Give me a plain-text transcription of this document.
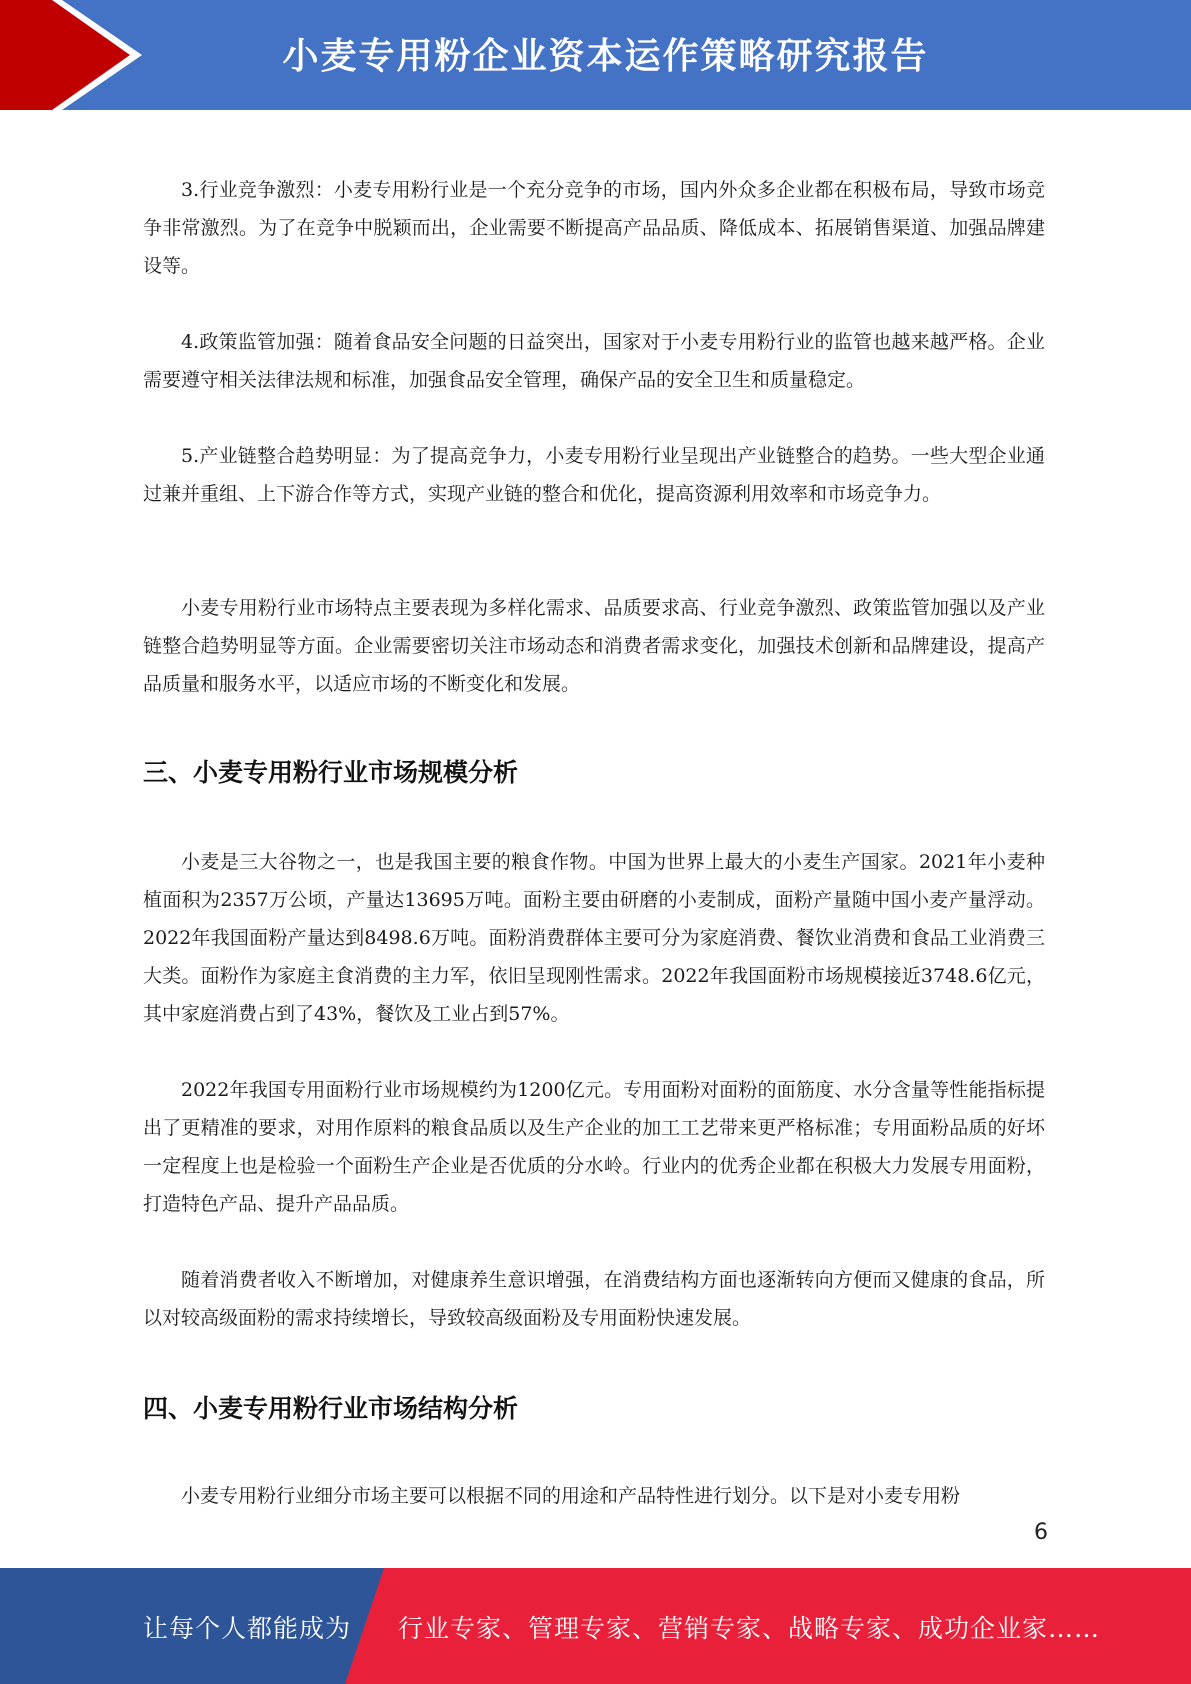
小麦专用粉企业资本运作策略研究报告

3.行业竞争激烈：小麦专用粉行业是一个充分竞争的市场，国内外众多企业都在积极布局，导致市场竞争非常激烈。为了在竞争中脱颖而出，企业需要不断提高产品品质、降低成本、拓展销售渠道、加强品牌建设等。

4.政策监管加强：随着食品安全问题的日益突出，国家对于小麦专用粉行业的监管也越来越严格。企业需要遵守相关法律法规和标准，加强食品安全管理，确保产品的安全卫生和质量稳定。

5.产业链整合趋势明显：为了提高竞争力，小麦专用粉行业呈现出产业链整合的趋势。一些大型企业通过兼并重组、上下游合作等方式，实现产业链的整合和优化，提高资源利用效率和市场竞争力。

小麦专用粉行业市场特点主要表现为多样化需求、品质要求高、行业竞争激烈、政策监管加强以及产业链整合趋势明显等方面。企业需要密切关注市场动态和消费者需求变化，加强技术创新和品牌建设，提高产品质量和服务水平，以适应市场的不断变化和发展。

三、小麦专用粉行业市场规模分析

小麦是三大谷物之一，也是我国主要的粮食作物。中国为世界上最大的小麦生产国家。2021年小麦种植面积为2357万公顷，产量达13695万吨。面粉主要由研磨的小麦制成，面粉产量随中国小麦产量浮动。2022年我国面粉产量达到8498.6万吨。面粉消费群体主要可分为家庭消费、餐饮业消费和食品工业消费三大类。面粉作为家庭主食消费的主力军，依旧呈现刚性需求。2022年我国面粉市场规模接近3748.6亿元，其中家庭消费占到了43%，餐饮及工业占到57%。

2022年我国专用面粉行业市场规模约为1200亿元。专用面粉对面粉的面筋度、水分含量等性能指标提出了更精准的要求，对用作原料的粮食品质以及生产企业的加工工艺带来更严格标准；专用面粉品质的好坏一定程度上也是检验一个面粉生产企业是否优质的分水岭。行业内的优秀企业都在积极大力发展专用面粉，打造特色产品、提升产品品质。

随着消费者收入不断增加，对健康养生意识增强，在消费结构方面也逐渐转向方便而又健康的食品，所以对较高级面粉的需求持续增长，导致较高级面粉及专用面粉快速发展。

四、小麦专用粉行业市场结构分析

小麦专用粉行业细分市场主要可以根据不同的用途和产品特性进行划分。以下是对小麦专用粉

6
让每个人都能成为 行业专家、管理专家、营销专家、战略专家、成功企业家……
